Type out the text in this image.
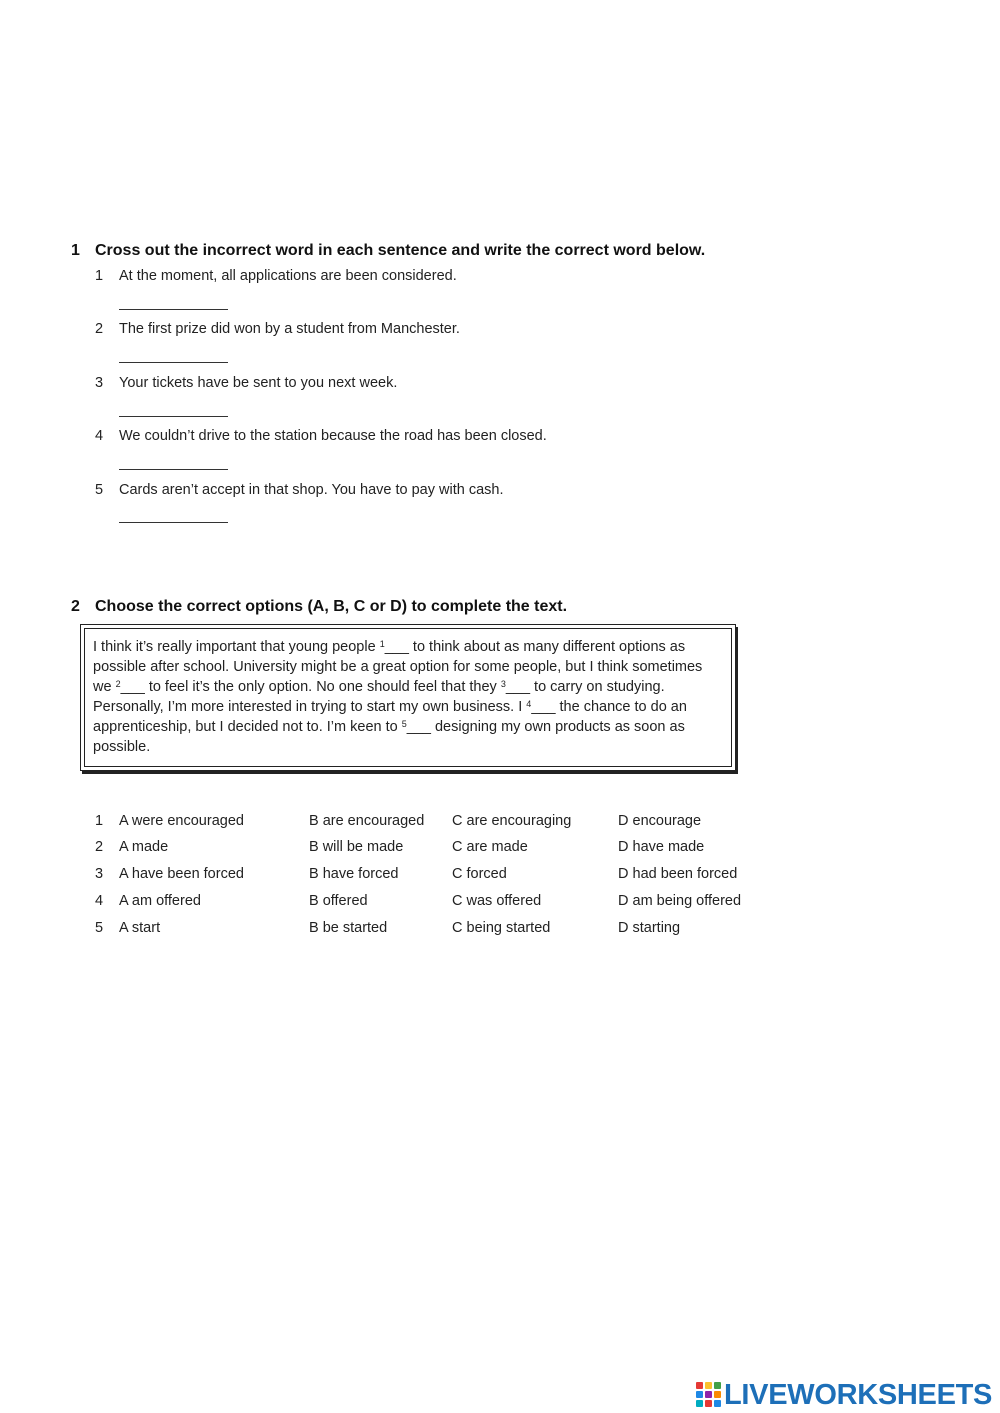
1 Cross out the incorrect word in each sentence and write the correct word below.
1 At the moment, all applications are been considered.
2 The first prize did won by a student from Manchester.
3 Your tickets have be sent to you next week.
4 We couldn’t drive to the station because the road has been closed.
5 Cards aren’t accept in that shop. You have to pay with cash.
2 Choose the correct options (A, B, C or D) to complete the text.
I think it’s really important that young people $^1$___ to think about as many different options as possible after school. University might be a great option for some people, but I think sometimes we $^2$___ to feel it’s the only option. No one should feel that they $^3$___ to carry on studying. Personally, I’m more interested in trying to start my own business. I $^4$___ the chance to do an apprenticeship, but I decided not to. I’m keen to $^5$___ designing my own products as soon as possible.
1 A were encouraged	B are encouraged C are encouraging	D encourage
2 A made	B will be made	C are made	D have made
3 A have been forced	B have forced	C forced	D had been forced
4 A am offered	B offered	C was offered	D am being offered
5 A start	B be started	C being started	D starting
LIVEWORKSHEETS
